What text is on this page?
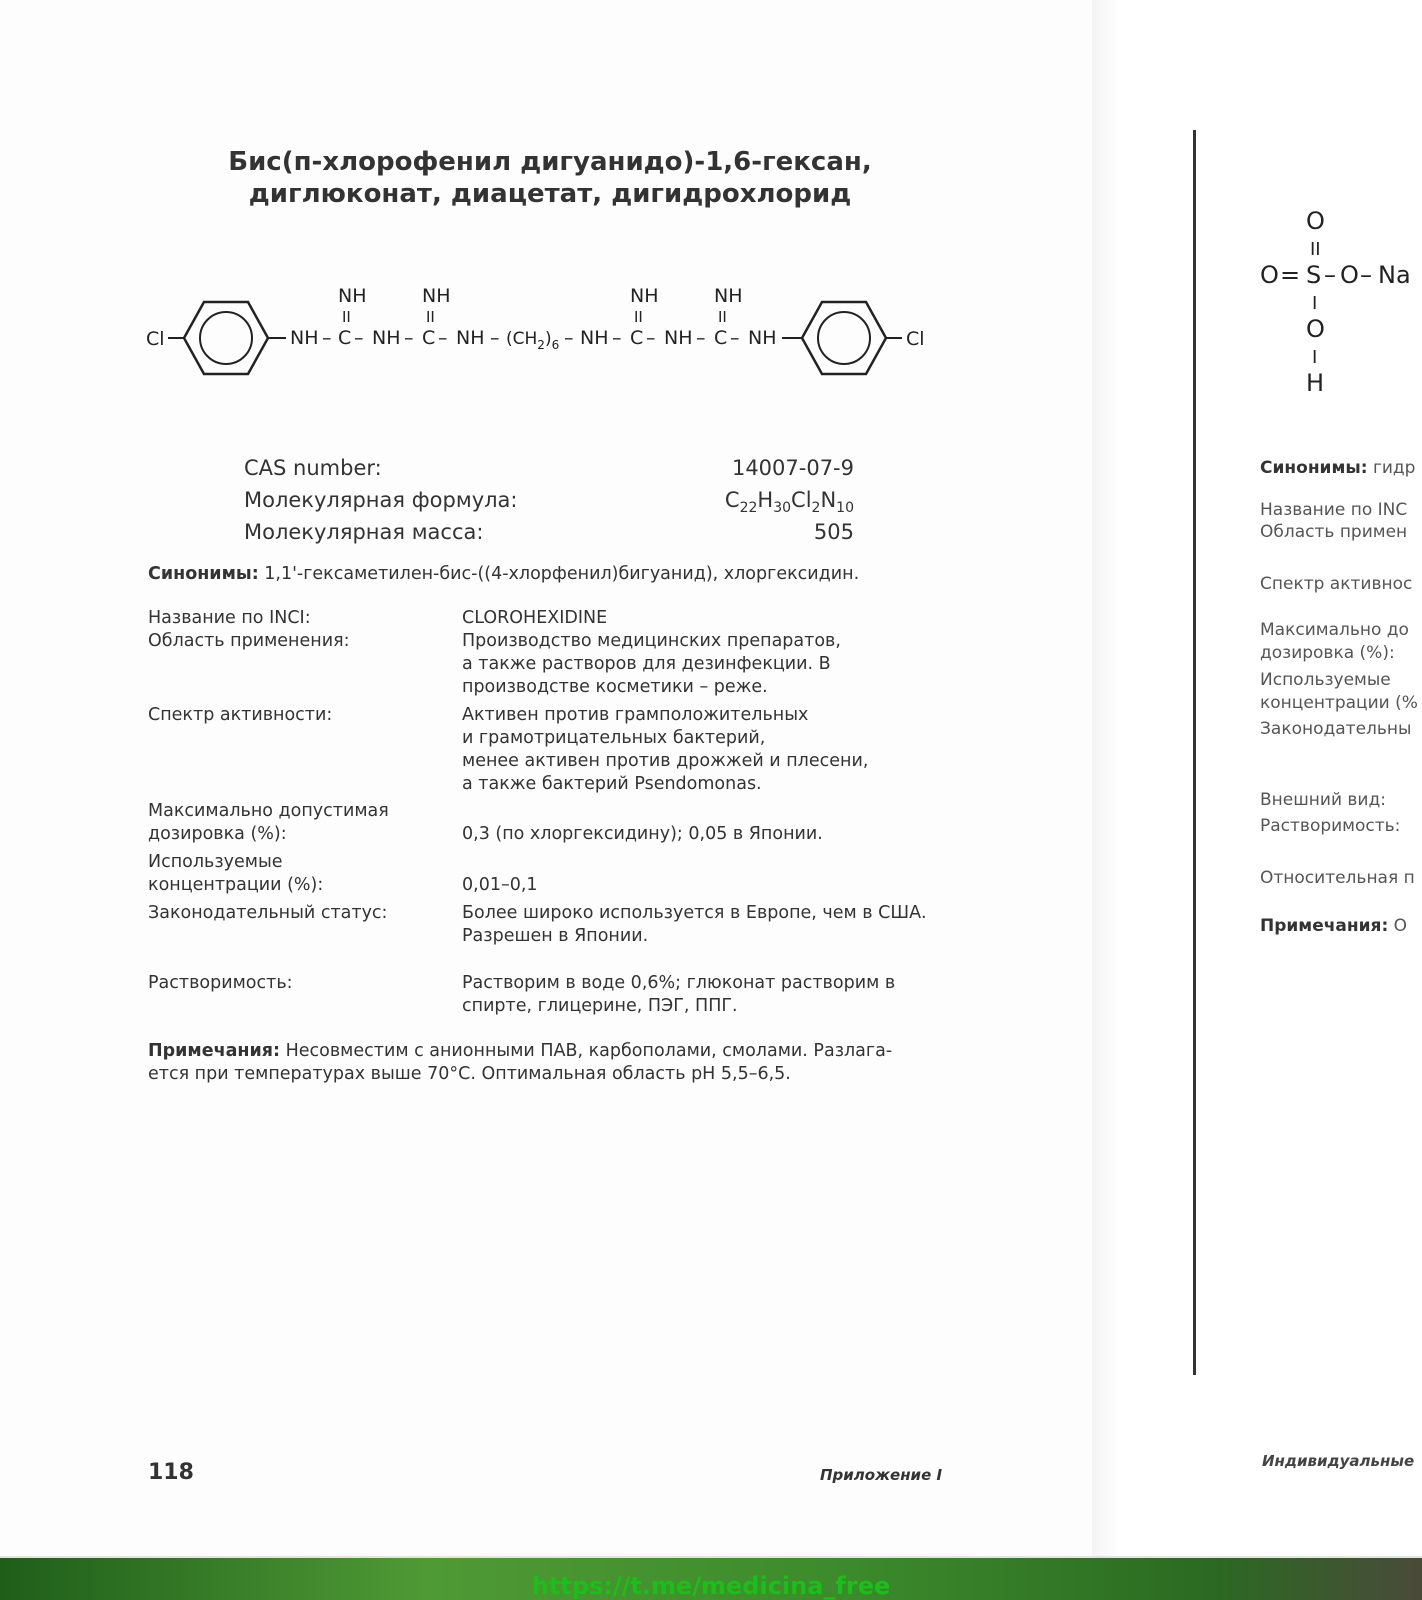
Бис(п-хлорофенил дигуанидо)-1,6-гексан,
диглюконат, диацетат, дигидрохлорид
Cl	NH – C
II
NH
– NH – C
II
NH
– NH – $(CH_2)_6$ – NH – C
II
NH
– NH – C
II
NH
– NH	Cl
CAS number:	14007-07-9
Молекулярная формула:	$C_{22}H_{30}Cl_2N_{10}$
Молекулярная масса:	505
Синонимы: 1,1'-гексаметилен-бис-((4-хлорфенил)бигуанид), хлоргексидин.
Название по INCI:	CLOROHEXIDINE
Область применения:	Производство медицинских препаратов,
а также растворов для дезинфекции. В
производстве косметики – реже.
Спектр активности:	Активен против грамположительных
и грамотрицательных бактерий,
менее активен против дрожжей и плесени,
а также бактерий Psendomonas.
Максимально допустимая
дозировка (%):	0,3 (по хлоргексидину); 0,05 в Японии.
Используемые
концентрации (%):	0,01–0,1
Законодательный статус:	Более широко используется в Европе, чем в США.
Разрешен в Японии.
Растворимость:	Растворим в воде 0,6%; глюконат растворим в
спирте, глицерине, ПЭГ, ППГ.
Примечания: Несовместим с анионными ПАВ, карбополами, смолами. Разлага-
ется при температурах выше 70°С. Оптимальная область pH 5,5–6,5.
118	Приложение I
O
II
O = S – O – Na
I
O
I
H
Синонимы: гидр
Название по INC
Область примен
Спектр активнос
Максимально до
дозировка (%):
Используемые
концентрации (%
Законодательны
Внешний вид:
Растворимость:
Относительная п
Примечания: О
Индивидуальные
https://t.me/medicina_free
